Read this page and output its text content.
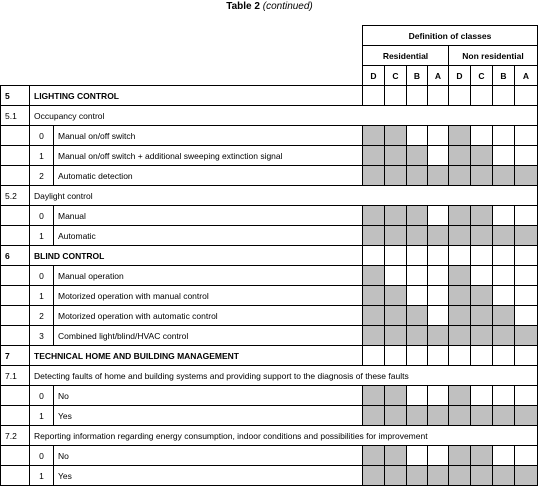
Table 2 (continued)
			Definition of classes							
			Residential				Non residential			
			D	C	B	A	D	C	B	A
5	LIGHTING CONTROL									
5.1	Occupancy control									
	0	Manual on/off switch								
	1	Manual on/off switch + additional sweeping extinction signal								
	2	Automatic detection								
5.2	Daylight control									
	0	Manual								
	1	Automatic								
6	BLIND CONTROL									
	0	Manual operation								
	1	Motorized operation with manual control								
	2	Motorized operation with automatic control								
	3	Combined light/blind/HVAC control								
7	TECHNICAL HOME AND BUILDING MANAGEMENT									
7.1	Detecting faults of home and building systems and providing support to the diagnosis of these faults									
	0	No								
	1	Yes								
7.2	Reporting information regarding energy consumption, indoor conditions and possibilities for improvement									
	0	No								
	1	Yes								
